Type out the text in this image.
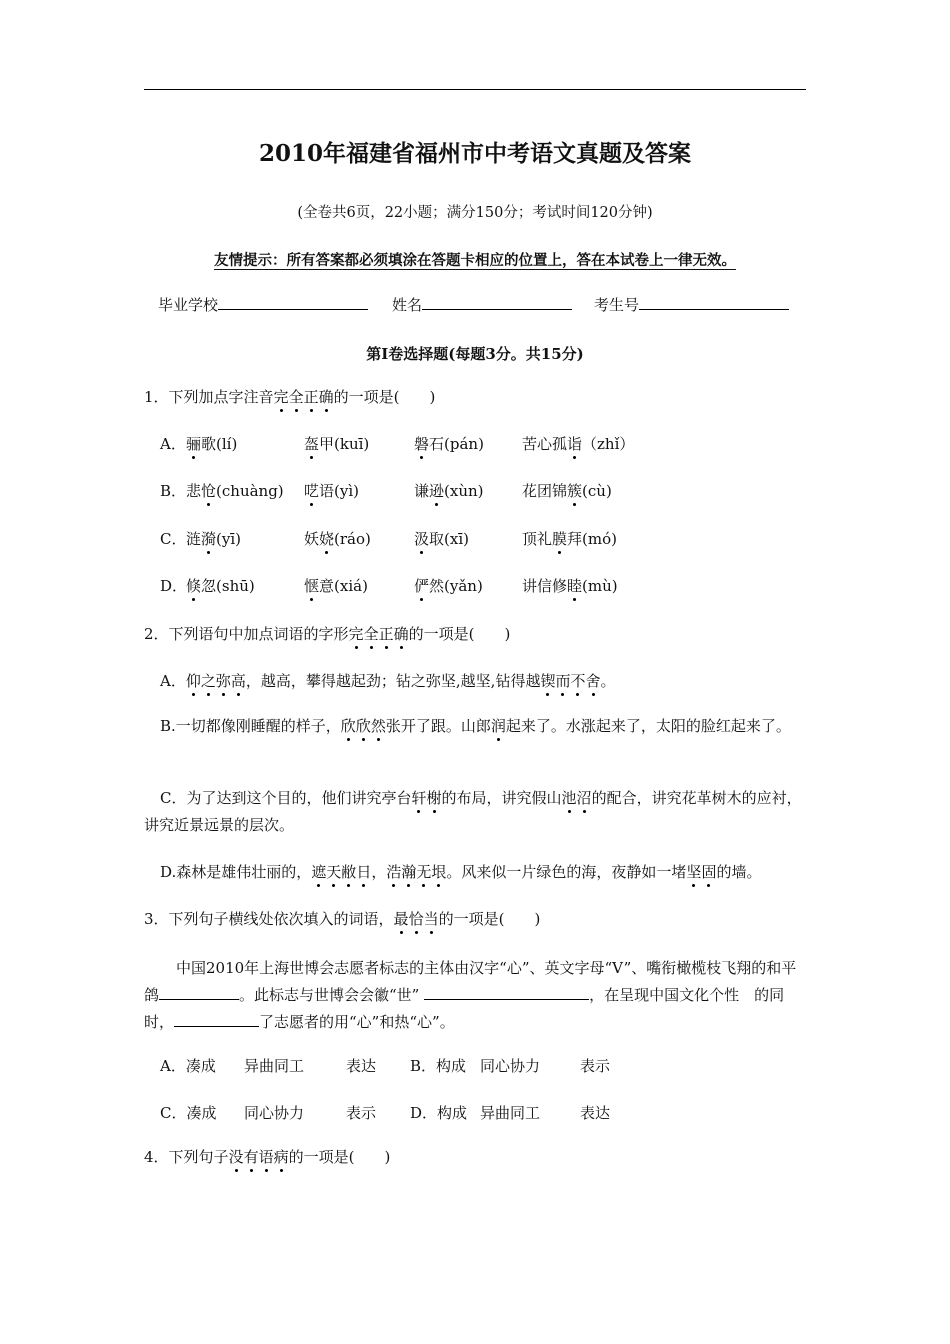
2010年福建省福州市中考语文真题及答案
(全卷共6页，22小题；满分150分；考试时间120分钟)
友情提示：所有答案都必须填涂在答题卡相应的位置上，答在本试卷上一律无效。
毕业学校	姓名	考生号
第Ⅰ卷选择题(每题3分。共15分)
1．下列加点字注音完全正确的一项是(　　)
A． 骊歌(lí)	盔甲(kuī)	磐石(pán)	苦心孤诣（zhǐ）
B． 悲怆(chuàng) 呓语(yì)	谦逊(xùn)	花团锦簇(cù)
C． 涟漪(yī)	妖娆(ráo)	汲取(xī)	顶礼膜拜(mó)
D．
倏忽(shū)	惬意(xiá)	俨然(yǎn)	讲信修睦(mù)
2．下列语句中加点词语的字形完全正确的一项是(　　)
A．仰之弥高，越高，攀得越起劲；钻之弥坚,越坚,钻得越锲而不舍。
B.一切都像刚睡醒的样子，欣欣然张开了跟。山郎润起来了。水涨起来了，太阳的脸红起来了。
C．为了达到这个目的，他们讲究亭台轩榭的布局，讲究假山池沼的配合，讲究花革树木的应衬，讲究近景远景的层次。
D.森林是雄伟壮丽的，遮天敝日，浩瀚无垠。风来似一片绿色的海，夜静如一堵坚固的墙。
3．下列句子横线处依次填入的词语，最恰当的一项是(　　)
中国2010年上海世博会志愿者标志的主体由汉字“心”、英文字母“V”、嘴衔橄榄枝飞翔的和平鸽	。此标志与世博会会徽“世”	，在呈现中国文化个性　的同时，	了志愿者的用“心”和热“心”。
A．凑成 异曲同工	表达 B．构成 同心协力	表示
C．凑成 同心协力	表示 D．构成 异曲同工	表达
4．下列句子没有语病的一项是(　　)
